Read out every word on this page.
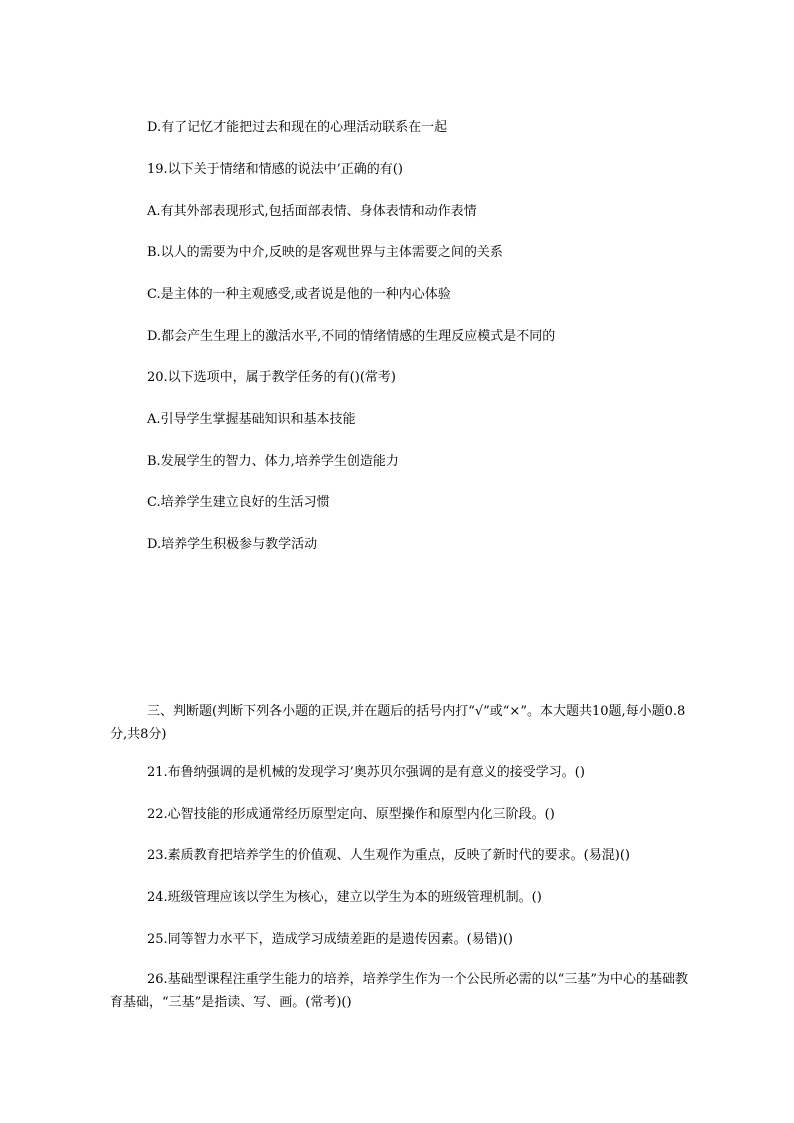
D.有了记忆才能把过去和现在的心理活动联系在一起
19.以下关于情绪和情感的说法中’正确的有()
A.有其外部表现形式,包括面部表情、身体表情和动作表情
B.以人的需要为中介,反映的是客观世界与主体需要之间的关系
C.是主体的一种主观感受,或者说是他的一种内心体验
D.都会产生生理上的激活水平,不同的情绪情感的生理反应模式是不同的
20.以下选项中，属于教学任务的有()(常考)
A.引导学生掌握基础知识和基本技能
B.发展学生的智力、体力,培养学生创造能力
C.培养学生建立良好的生活习惯
D.培养学生积极参与教学活动
三、判断题(判断下列各小题的正误,并在题后的括号内打“√”或“×”。本大题共10题,每小题0.8分,共8分)
21.布鲁纳强调的是机械的发现学习’奥苏贝尔强调的是有意义的接受学习。()
22.心智技能的形成通常经历原型定向、原型操作和原型内化三阶段。()
23.素质教育把培养学生的价值观、人生观作为重点，反映了新时代的要求。(易混)()
24.班级管理应该以学生为核心，建立以学生为本的班级管理机制。()
25.同等智力水平下，造成学习成绩差距的是遗传因素。(易错)()
26.基础型课程注重学生能力的培养，培养学生作为一个公民所必需的以“三基”为中心的基础教育基础，“三基”是指读、写、画。(常考)()
